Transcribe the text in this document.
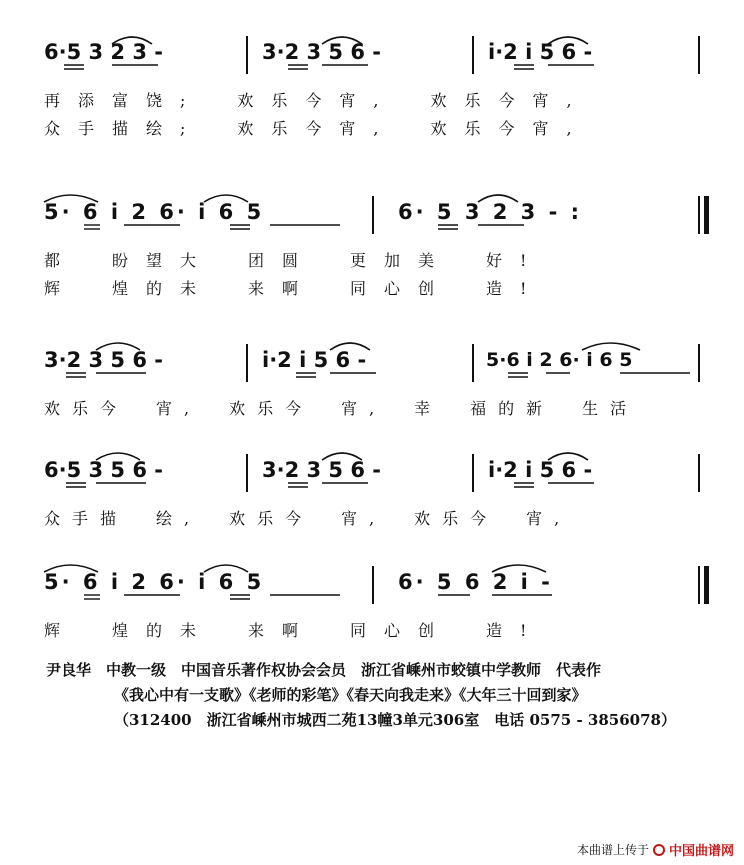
6·5 3 2 3 -	3·2 3 5 6 -	i·2 i 5 6 -
再添富饶;　欢乐今宵,　欢乐今宵,
众手描绘;　欢乐今宵,　欢乐今宵,
5· 6 i 2 6· i 6 5	6· 5 3 2 3 - :
都　盼望大　团圆　更加美　好!
辉　煌的未　来啊　同心创　造!
3·2 3 5 6 -	i·2 i 5 6 -	5·6 i 2 6· i 6 5
欢乐今　宵,　欢乐今　宵,　幸　福的新　生活
6·5 3 5 6 -	3·2 3 5 6 -	i·2 i 5 6 -
众手描　绘,　欢乐今　宵,　欢乐今　宵,
5· 6 i 2 6· i 6 5	6· 5 6 2 i -
辉　煌的未　来啊　同心创　造!
尹良华　中教一级　中国音乐著作权协会会员　浙江省嵊州市蛟镇中学教师　代表作
《我心中有一支歌》《老师的彩笔》《春天向我走来》《大年三十回到家》
（312400　浙江省嵊州市城西二苑13幢3单元306室　电话 0575 - 3856078）
本曲谱上传于 中国曲谱网
